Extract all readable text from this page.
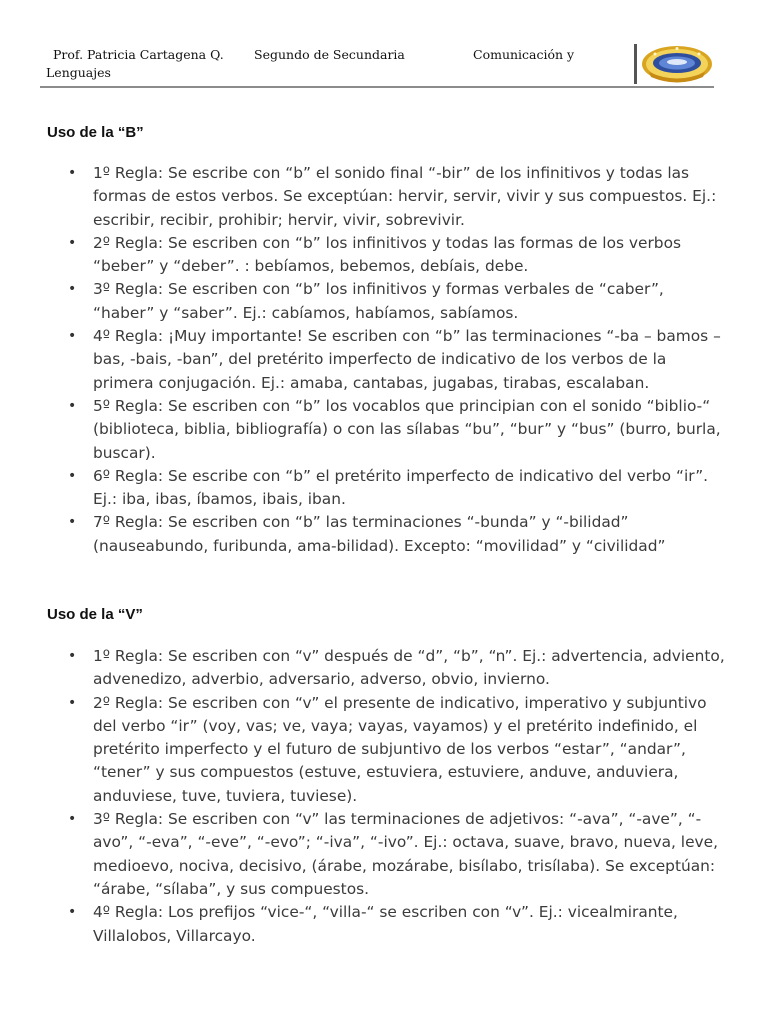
Prof. Patricia Cartagena Q. Segundo de Secundaria	Comunicación y
Lenguajes
Uso de la “B”
• 1º Regla: Se escribe con “b” el sonido final “-bir” de los infinitivos y todas las formas de estos verbos. Se exceptúan: hervir, servir, vivir y sus compuestos. Ej.: escribir, recibir, prohibir; hervir, vivir, sobrevivir.
• 2º Regla: Se escriben con “b” los infinitivos y todas las formas de los verbos “beber” y “deber”. : bebíamos, bebemos, debíais, debe.
• 3º Regla: Se escriben con “b” los infinitivos y formas verbales de “caber”, “haber” y “saber”. Ej.: cabíamos, habíamos, sabíamos.
• 4º Regla: ¡Muy importante! Se escriben con “b” las terminaciones “-ba – bamos – bas, -bais, -ban”, del pretérito imperfecto de indicativo de los verbos de la primera conjugación. Ej.: amaba, cantabas, jugabas, tirabas, escalaban.
• 5º Regla: Se escriben con “b” los vocablos que principian con el sonido “biblio-“ (biblioteca, biblia, bibliografía) o con las sílabas “bu”, “bur” y “bus” (burro, burla, buscar).
• 6º Regla: Se escribe con “b” el pretérito imperfecto de indicativo del verbo “ir”. Ej.: iba, ibas, íbamos, ibais, iban.
• 7º Regla: Se escriben con “b” las terminaciones “-bunda” y “-bilidad” (nauseabundo, furibunda, ama-bilidad). Excepto: “movilidad” y “civilidad”
Uso de la “V”
• 1º Regla: Se escriben con “v” después de “d”, “b”, “n”. Ej.: advertencia, adviento, advenedizo, adverbio, adversario, adverso, obvio, invierno.
• 2º Regla: Se escriben con “v” el presente de indicativo, imperativo y subjuntivo del verbo “ir” (voy, vas; ve, vaya; vayas, vayamos) y el pretérito indefinido, el pretérito imperfecto y el futuro de subjuntivo de los verbos “estar”, “andar”, “tener” y sus compuestos (estuve, estuviera, estuviere, anduve, anduviera, anduviese, tuve, tuviera, tuviese).
• 3º Regla: Se escriben con “v” las terminaciones de adjetivos: “-ava”, “-ave”, “-avo”, “-eva”, “-eve”, “-evo”; “-iva”, “-ivo”. Ej.: octava, suave, bravo, nueva, leve, medioevo, nociva, decisivo, (árabe, mozárabe, bisílabo, trisílaba). Se exceptúan: “árabe, “sílaba”, y sus compuestos.
• 4º Regla: Los prefijos “vice-“, “villa-“ se escriben con “v”. Ej.: vicealmirante, Villalobos, Villarcayo.
